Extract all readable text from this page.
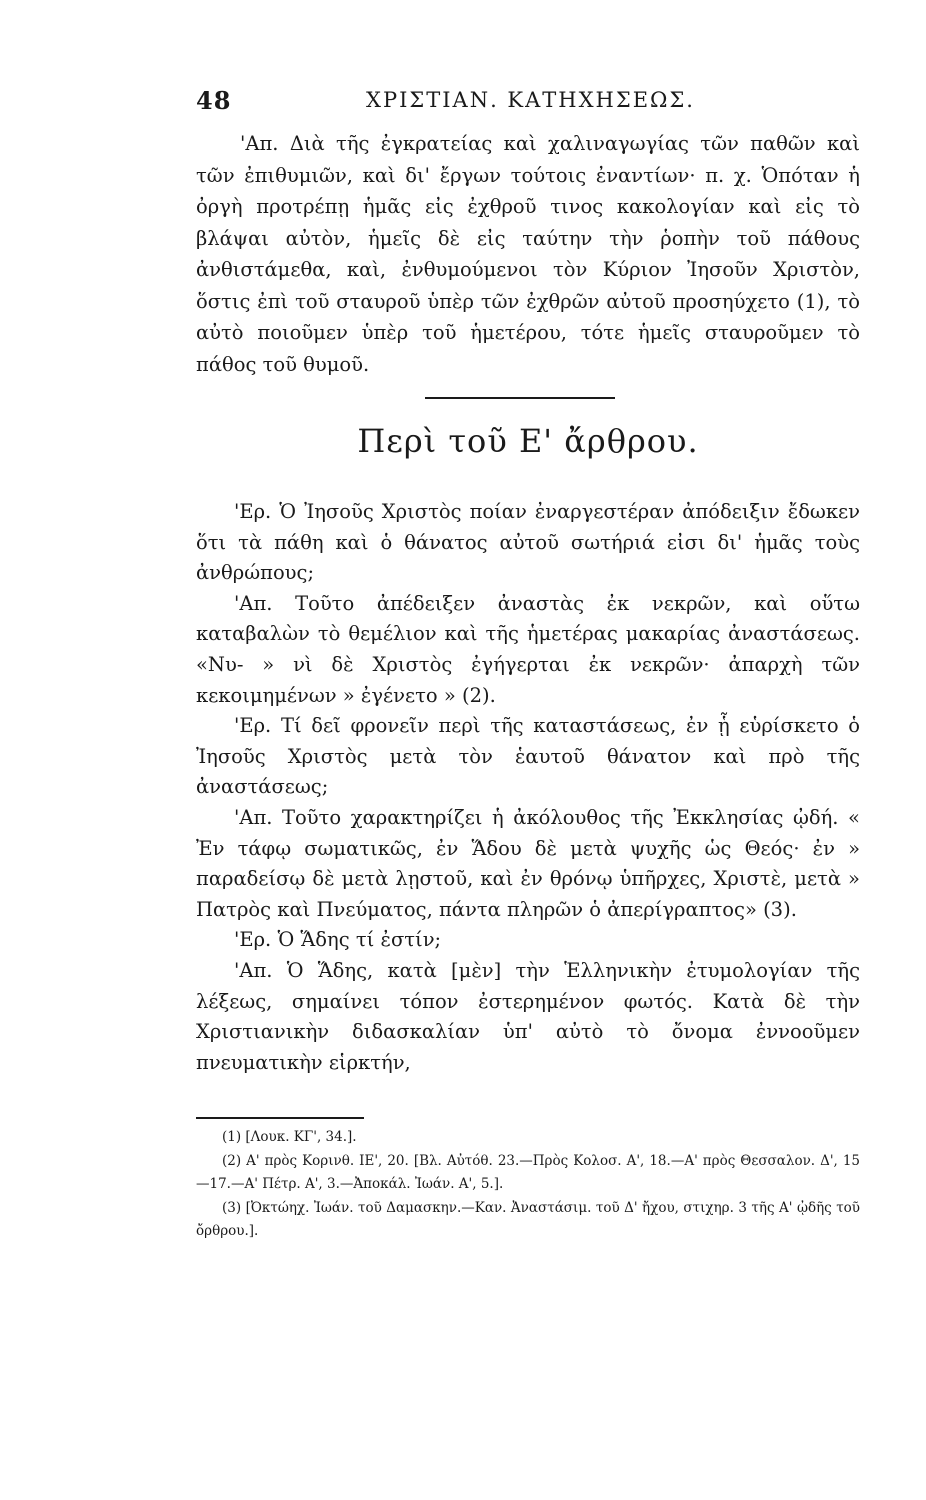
48	ΧΡΙΣΤΙΑΝ. ΚΑΤΗΧΗΣΕΩΣ.

'Απ. Διὰ τῆς ἐγκρατείας καὶ χαλιναγωγίας τῶν παθῶν καὶ τῶν ἐπιθυμιῶν, καὶ δι' ἔργων τούτοις ἐναντίων· π. χ. Ὁπόταν ἡ ὀργὴ προτρέπῃ ἡμᾶς εἰς ἐχθροῦ τινος κακολογίαν καὶ εἰς τὸ βλάψαι αὐτὸν, ἡμεῖς δὲ εἰς ταύτην τὴν ῥοπὴν τοῦ πάθους ἀνθιστάμεθα, καὶ, ἐνθυμούμενοι τὸν Κύριον Ἰησοῦν Χριστὸν, ὅστις ἐπὶ τοῦ σταυροῦ ὑπὲρ τῶν ἐχθρῶν αὐτοῦ προσηύχετο (1), τὸ αὐτὸ ποιοῦμεν ὑπὲρ τοῦ ἡμετέρου, τότε ἡμεῖς σταυροῦμεν τὸ πάθος τοῦ θυμοῦ.

Περὶ τοῦ Ε' ἄρθρου.

'Ερ. Ὁ Ἰησοῦς Χριστὸς ποίαν ἐναργεστέραν ἀπόδειξιν ἔδωκεν ὅτι τὰ πάθη καὶ ὁ θάνατος αὐτοῦ σωτήριά εἰσι δι' ἡμᾶς τοὺς ἀνθρώπους;

'Απ. Τοῦτο ἀπέδειξεν ἀναστὰς ἐκ νεκρῶν, καὶ οὕτω καταβαλὼν τὸ θεμέλιον καὶ τῆς ἡμετέρας μακαρίας ἀναστάσεως. «Νυ- » νὶ δὲ Χριστὸς ἐγήγερται ἐκ νεκρῶν· ἀπαρχὴ τῶν κεκοιμημένων » ἐγένετο » (2).

'Ερ. Τί δεῖ φρονεῖν περὶ τῆς καταστάσεως, ἐν ᾗ εὑρίσκετο ὁ Ἰησοῦς Χριστὸς μετὰ τὸν ἑαυτοῦ θάνατον καὶ πρὸ τῆς ἀναστάσεως;

'Απ. Τοῦτο χαρακτηρίζει ἡ ἀκόλουθος τῆς Ἐκκλησίας ᾠδή. « Ἐν τάφῳ σωματικῶς, ἐν Ἅδου δὲ μετὰ ψυχῆς ὡς Θεός· ἐν » παραδείσῳ δὲ μετὰ λῃστοῦ, καὶ ἐν θρόνῳ ὑπῆρχες, Χριστὲ, μετὰ » Πατρὸς καὶ Πνεύματος, πάντα πληρῶν ὁ ἀπερίγραπτος» (3).

'Ερ. Ὁ Ἅδης τί ἐστίν;

'Απ. Ὁ Ἅδης, κατὰ [μὲν] τὴν Ἑλληνικὴν ἐτυμολογίαν τῆς λέξεως, σημαίνει τόπον ἐστερημένον φωτός. Κατὰ δὲ τὴν Χριστιανικὴν διδασκαλίαν ὑπ' αὐτὸ τὸ ὄνομα ἐννοοῦμεν πνευματικὴν εἱρκτήν,

(1) [Λουκ. ΚΓ', 34.].

(2) Α' πρὸς Κορινθ. ΙΕ', 20. [Βλ. Αὐτόθ. 23.—Πρὸς Κολοσ. Α', 18.—Α' πρὸς Θεσσαλον. Δ', 15—17.—Α' Πέτρ. Α', 3.—Ἀποκάλ. Ἰωάν. Α', 5.].

(3) [Ὀκτώηχ. Ἰωάν. τοῦ Δαμασκην.—Καν. Ἀναστάσιμ. τοῦ Δ' ἤχου, στιχηρ. 3 τῆς Α' ᾠδῆς τοῦ ὄρθρου.].
